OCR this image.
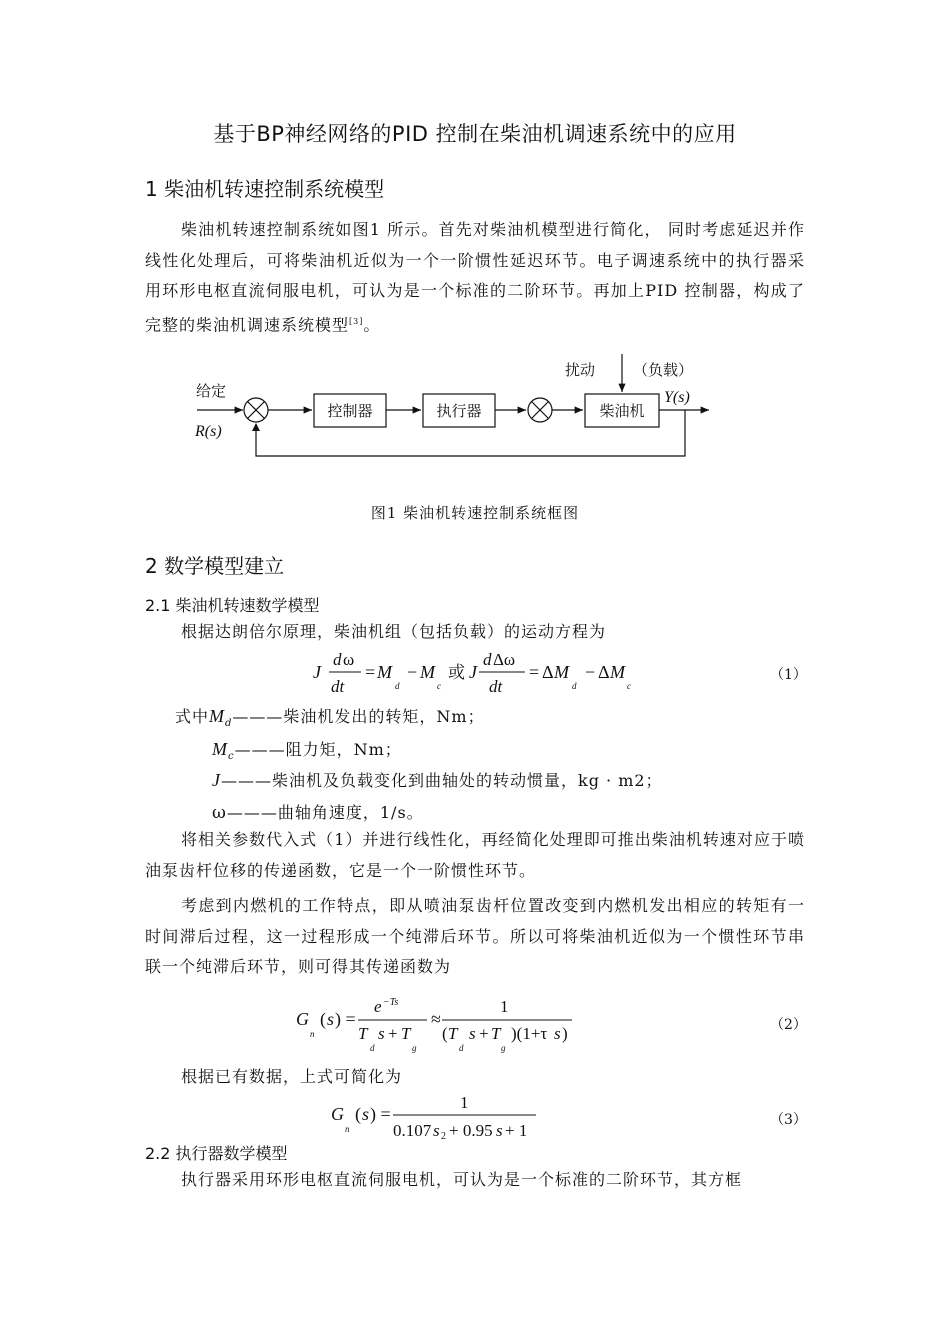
基于BP神经网络的PID 控制在柴油机调速系统中的应用
1 柴油机转速控制系统模型
柴油机转速控制系统如图1 所示。首先对柴油机模型进行简化， 同时考虑延迟并作线性化处理后，可将柴油机近似为一个一阶惯性延迟环节。电子调速系统中的执行器采用环形电枢直流伺服电机，可认为是一个标准的二阶环节。再加上PID 控制器，构成了完整的柴油机调速系统模型[3]。
给定
R(s)
控制器	执行器	柴油机
扰动	（负载）
Y(s)
图1 柴油机转速控制系统框图
2 数学模型建立
2.1 柴油机转速数学模型
根据达朗倍尔原理，柴油机组（包括负载）的运动方程为
J
d ω
dt
= M
d
− M
c
或 J
d Δω
dt
= Δ M
d
− Δ M
c
（1）
式中$M_d———$柴油机发出的转矩，Nm；
$M_c———$阻力矩，Nm；
J———柴油机及负载变化到曲轴处的转动惯量，kg · m2；
ω———曲轴角速度，1/s。
将相关参数代入式（1）并进行线性化，再经简化处理即可推出柴油机转速对应于喷油泵齿杆位移的传递函数，它是一个一阶惯性环节。
考虑到内燃机的工作特点，即从喷油泵齿杆位置改变到内燃机发出相应的转矩有一时间滞后过程，这一过程形成一个纯滞后环节。所以可将柴油机近似为一个惯性环节串联一个纯滞后环节，则可得其传递函数为
G
n
( s ) =
e −Ts
T
d
s + T
g
≈
1
( T
d
s + T
g
)(1+τ s )	（2）
根据已有数据，上式可简化为
G
n
( s ) =
1
0.107 s 2 + 0.95 s + 1
（3）
2.2 执行器数学模型
执行器采用环形电枢直流伺服电机，可认为是一个标准的二阶环节，其方框
